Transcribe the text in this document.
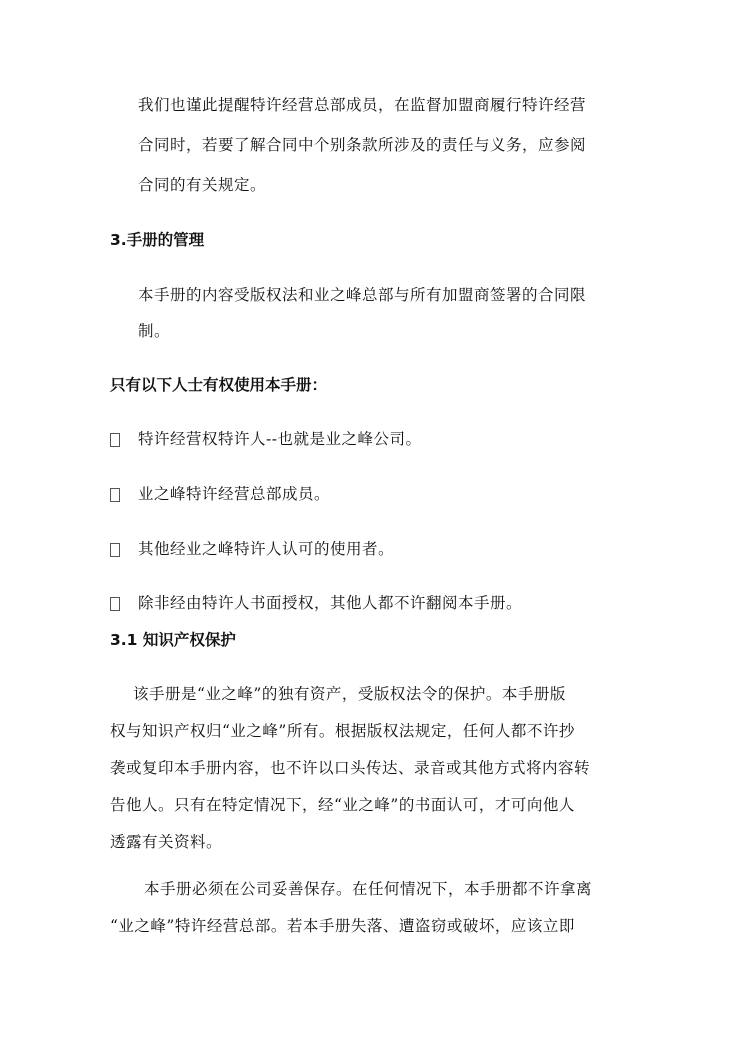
我们也谨此提醒特许经营总部成员，在监督加盟商履行特许经营
合同时，若要了解合同中个别条款所涉及的责任与义务，应参阅
合同的有关规定。
3.手册的管理
本手册的内容受版权法和业之峰总部与所有加盟商签署的合同限
制。
只有以下人士有权使用本手册：
特许经营权特许人--也就是业之峰公司。
业之峰特许经营总部成员。
其他经业之峰特许人认可的使用者。
除非经由特许人书面授权，其他人都不许翻阅本手册。
3.1 知识产权保护
该手册是“业之峰”的独有资产，受版权法令的保护。本手册版
权与知识产权归“业之峰”所有。根据版权法规定，任何人都不许抄
袭或复印本手册内容，也不许以口头传达、录音或其他方式将内容转
告他人。只有在特定情况下，经“业之峰”的书面认可，才可向他人
透露有关资料。
本手册必须在公司妥善保存。在任何情况下，本手册都不许拿离
“业之峰”特许经营总部。若本手册失落、遭盗窃或破坏，应该立即
